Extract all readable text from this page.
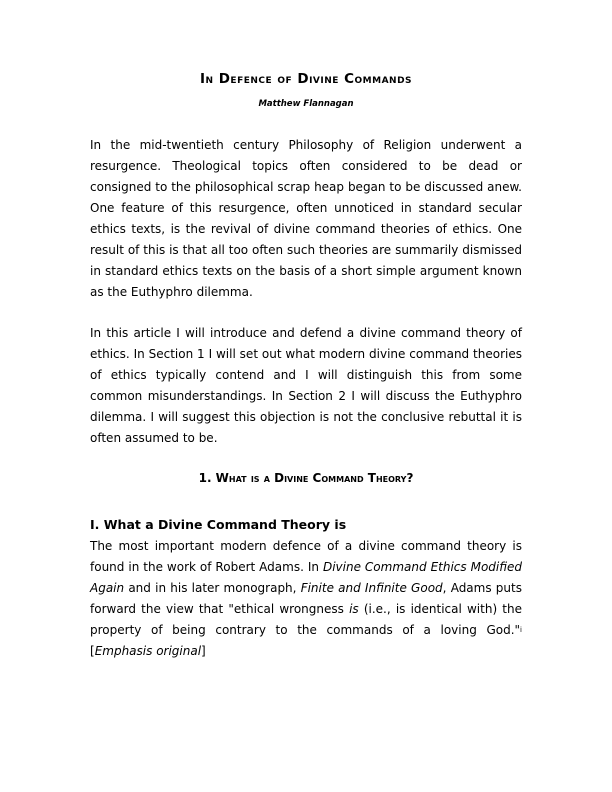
In Defence of Divine Commands
Matthew Flannagan

In the mid-twentieth century Philosophy of Religion underwent a resurgence. Theological topics often considered to be dead or consigned to the philosophical scrap heap began to be discussed anew. One feature of this resurgence, often unnoticed in standard secular ethics texts, is the revival of divine command theories of ethics. One result of this is that all too often such theories are summarily dismissed in standard ethics texts on the basis of a short simple argument known as the Euthyphro dilemma.

In this article I will introduce and defend a divine command theory of ethics. In Section 1 I will set out what modern divine command theories of ethics typically contend and I will distinguish this from some common misunderstandings. In Section 2 I will discuss the Euthyphro dilemma. I will suggest this objection is not the conclusive rebuttal it is often assumed to be.

1. What is a Divine Command Theory?
I. What a Divine Command Theory is

The most important modern defence of a divine command theory is found in the work of Robert Adams. In Divine Command Ethics Modified Again and in his later monograph, Finite and Infinite Good, Adams puts forward the view that "ethical wrongness is (i.e., is identical with) the property of being contrary to the commands of a loving God."$^i$ [Emphasis original]
